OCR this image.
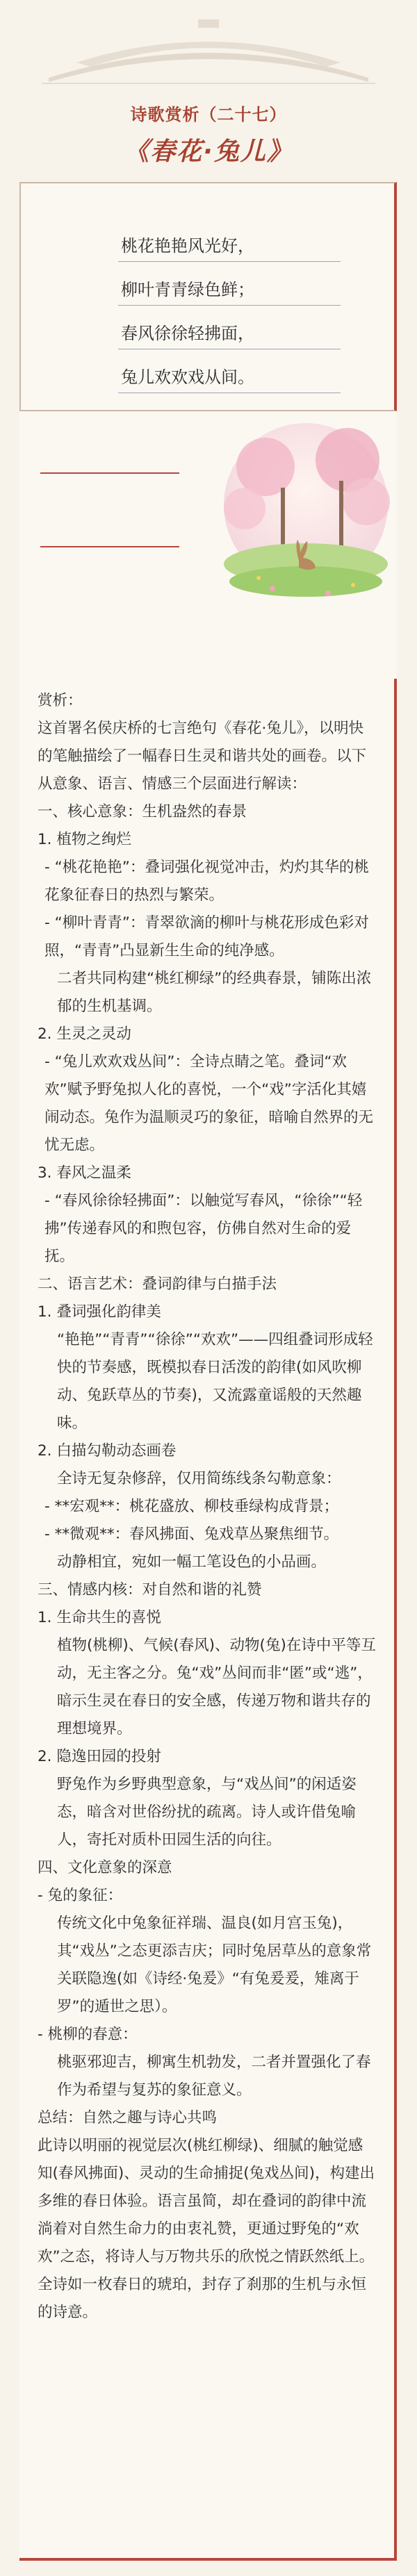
诗歌赏析（二十七）
《春花·兔儿》
桃花艳艳风光好，
柳叶青青绿色鲜；
春风徐徐轻拂面，
兔儿欢欢戏从间。

赏析：

这首署名侯庆桥的七言绝句《春花·兔儿》，以明快的笔触描绘了一幅春日生灵和谐共处的画卷。以下从意象、语言、情感三个层面进行解读：

一、核心意象：生机盎然的春景

1. 植物之绚烂

- “桃花艳艳”：叠词强化视觉冲击，灼灼其华的桃花象征春日的热烈与繁荣。

- “柳叶青青”：青翠欲滴的柳叶与桃花形成色彩对照，“青青”凸显新生生命的纯净感。

二者共同构建“桃红柳绿”的经典春景，铺陈出浓郁的生机基调。

2. 生灵之灵动

- “兔儿欢欢戏丛间”：全诗点睛之笔。叠词“欢欢”赋予野兔拟人化的喜悦，一个“戏”字活化其嬉闹动态。兔作为温顺灵巧的象征，暗喻自然界的无忧无虑。

3. 春风之温柔

- “春风徐徐轻拂面”：以触觉写春风，“徐徐”“轻拂”传递春风的和煦包容，仿佛自然对生命的爱抚。

二、语言艺术：叠词韵律与白描手法

1. 叠词强化韵律美

“艳艳”“青青”“徐徐”“欢欢”——四组叠词形成轻快的节奏感，既模拟春日活泼的韵律(如风吹柳动、兔跃草丛的节奏)，又流露童谣般的天然趣味。

2. 白描勾勒动态画卷

全诗无复杂修辞，仅用简练线条勾勒意象：

- **宏观**：桃花盛放、柳枝垂绿构成背景；

- **微观**：春风拂面、兔戏草丛聚焦细节。

动静相宜，宛如一幅工笔设色的小品画。

三、情感内核：对自然和谐的礼赞

1. 生命共生的喜悦

植物(桃柳)、气候(春风)、动物(兔)在诗中平等互动，无主客之分。兔“戏”丛间而非“匿”或“逃”，暗示生灵在春日的安全感，传递万物和谐共存的理想境界。

2. 隐逸田园的投射

野兔作为乡野典型意象，与“戏丛间”的闲适姿态，暗含对世俗纷扰的疏离。诗人或许借兔喻人，寄托对质朴田园生活的向往。

四、文化意象的深意

- 兔的象征：

传统文化中兔象征祥瑞、温良(如月宫玉兔)，其“戏丛”之态更添吉庆；同时兔居草丛的意象常关联隐逸(如《诗经·兔爰》“有兔爰爰，雉离于罗”的遁世之思）。

- 桃柳的春意：

桃驱邪迎吉，柳寓生机勃发，二者并置强化了春作为希望与复苏的象征意义。

总结：自然之趣与诗心共鸣

此诗以明丽的视觉层次(桃红柳绿)、细腻的触觉感知(春风拂面)、灵动的生命捕捉(兔戏丛间)，构建出多维的春日体验。语言虽简，却在叠词的韵律中流淌着对自然生命力的由衷礼赞，更通过野兔的“欢欢”之态，将诗人与万物共乐的欣悦之情跃然纸上。全诗如一枚春日的琥珀，封存了刹那的生机与永恒的诗意。
